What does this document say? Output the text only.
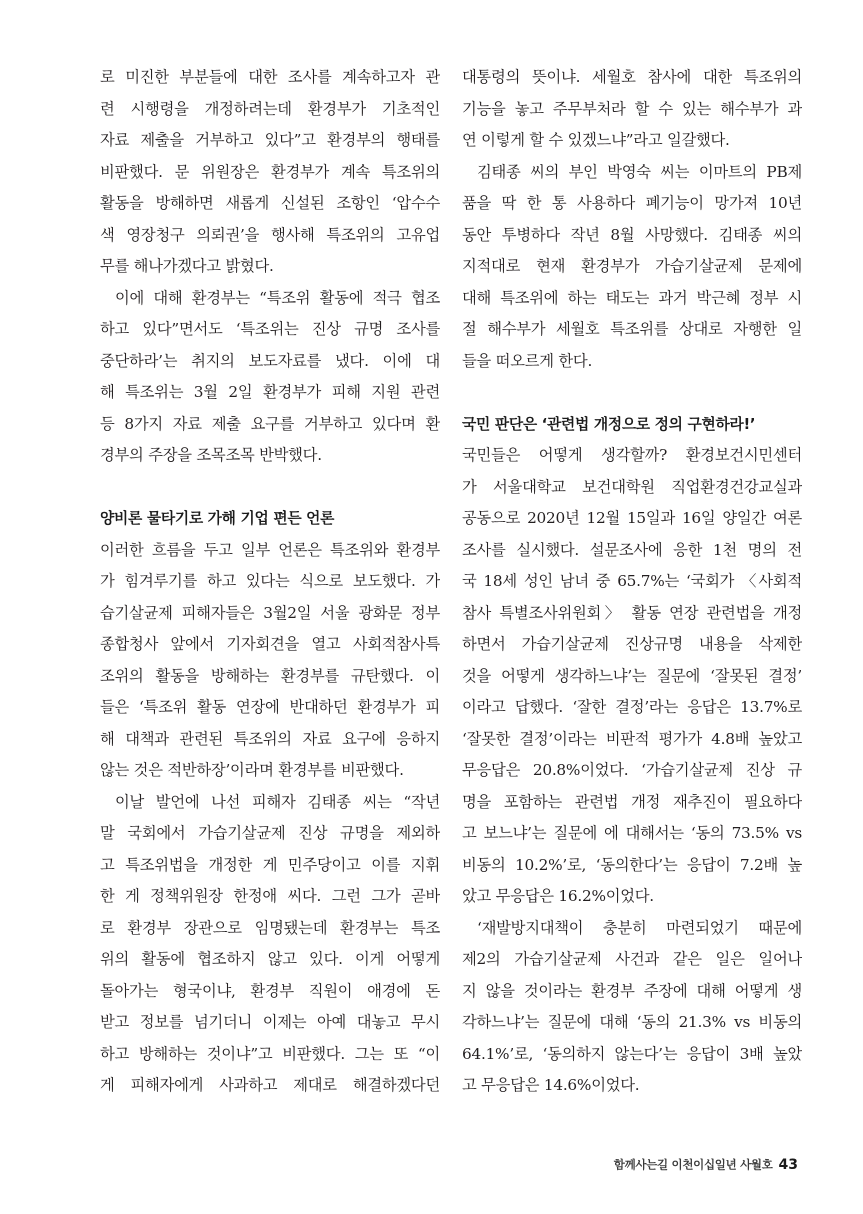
로 미진한 부분들에 대한 조사를 계속하고자 관
련 시행령을 개정하려는데 환경부가 기초적인
자료 제출을 거부하고 있다”고 환경부의 행태를
비판했다. 문 위원장은 환경부가 계속 특조위의
활동을 방해하면 새롭게 신설된 조항인 ‘압수수
색 영장청구 의뢰권’을 행사해 특조위의 고유업
무를 해나가겠다고 밝혔다.
이에 대해 환경부는 “특조위 활동에 적극 협조
하고 있다”면서도 ‘특조위는 진상 규명 조사를
중단하라’는 취지의 보도자료를 냈다. 이에 대
해 특조위는 3월 2일 환경부가 피해 지원 관련
등 8가지 자료 제출 요구를 거부하고 있다며 환
경부의 주장을 조목조목 반박했다.
양비론 물타기로 가해 기업 편든 언론
이러한 흐름을 두고 일부 언론은 특조위와 환경부
가 힘겨루기를 하고 있다는 식으로 보도했다. 가
습기살균제 피해자들은 3월2일 서울 광화문 정부
종합청사 앞에서 기자회견을 열고 사회적참사특
조위의 활동을 방해하는 환경부를 규탄했다. 이
들은 ‘특조위 활동 연장에 반대하던 환경부가 피
해 대책과 관련된 특조위의 자료 요구에 응하지
않는 것은 적반하장’이라며 환경부를 비판했다.
이날 발언에 나선 피해자 김태종 씨는 “작년
말 국회에서 가습기살균제 진상 규명을 제외하
고 특조위법을 개정한 게 민주당이고 이를 지휘
한 게 정책위원장 한정애 씨다. 그런 그가 곧바
로 환경부 장관으로 임명됐는데 환경부는 특조
위의 활동에 협조하지 않고 있다. 이게 어떻게
돌아가는 형국이냐, 환경부 직원이 애경에 돈
받고 정보를 넘기더니 이제는 아예 대놓고 무시
하고 방해하는 것이냐”고 비판했다. 그는 또 “이
게 피해자에게 사과하고 제대로 해결하겠다던
대통령의 뜻이냐. 세월호 참사에 대한 특조위의
기능을 놓고 주무부처라 할 수 있는 해수부가 과
연 이렇게 할 수 있겠느냐”라고 일갈했다.
김태종 씨의 부인 박영숙 씨는 이마트의 PB제
품을 딱 한 통 사용하다 폐기능이 망가져 10년
동안 투병하다 작년 8월 사망했다. 김태종 씨의
지적대로 현재 환경부가 가습기살균제 문제에
대해 특조위에 하는 태도는 과거 박근혜 정부 시
절 해수부가 세월호 특조위를 상대로 자행한 일
들을 떠오르게 한다.
국민 판단은 ‘관련법 개정으로 정의 구현하라!’
국민들은 어떻게 생각할까? 환경보건시민센터
가 서울대학교 보건대학원 직업환경건강교실과
공동으로 2020년 12월 15일과 16일 양일간 여론
조사를 실시했다. 설문조사에 응한 1천 명의 전
국 18세 성인 남녀 중 65.7%는 ‘국회가 〈사회적
참사 특별조사위원회〉 활동 연장 관련법을 개정
하면서 가습기살균제 진상규명 내용을 삭제한
것을 어떻게 생각하느냐’는 질문에 ‘잘못된 결정’
이라고 답했다. ‘잘한 결정’라는 응답은 13.7%로
‘잘못한 결정’이라는 비판적 평가가 4.8배 높았고
무응답은 20.8%이었다. ‘가습기살균제 진상 규
명을 포함하는 관련법 개정 재추진이 필요하다
고 보느냐’는 질문에 에 대해서는 ‘동의 73.5% vs
비동의 10.2%’로, ‘동의한다’는 응답이 7.2배 높
았고 무응답은 16.2%이었다.
‘재발방지대책이 충분히 마련되었기 때문에
제2의 가습기살균제 사건과 같은 일은 일어나
지 않을 것이라는 환경부 주장에 대해 어떻게 생
각하느냐’는 질문에 대해 ‘동의 21.3% vs 비동의
64.1%’로, ‘동의하지 않는다’는 응답이 3배 높았
고 무응답은 14.6%이었다.
함께사는길 이천이십일년 사월호 43
